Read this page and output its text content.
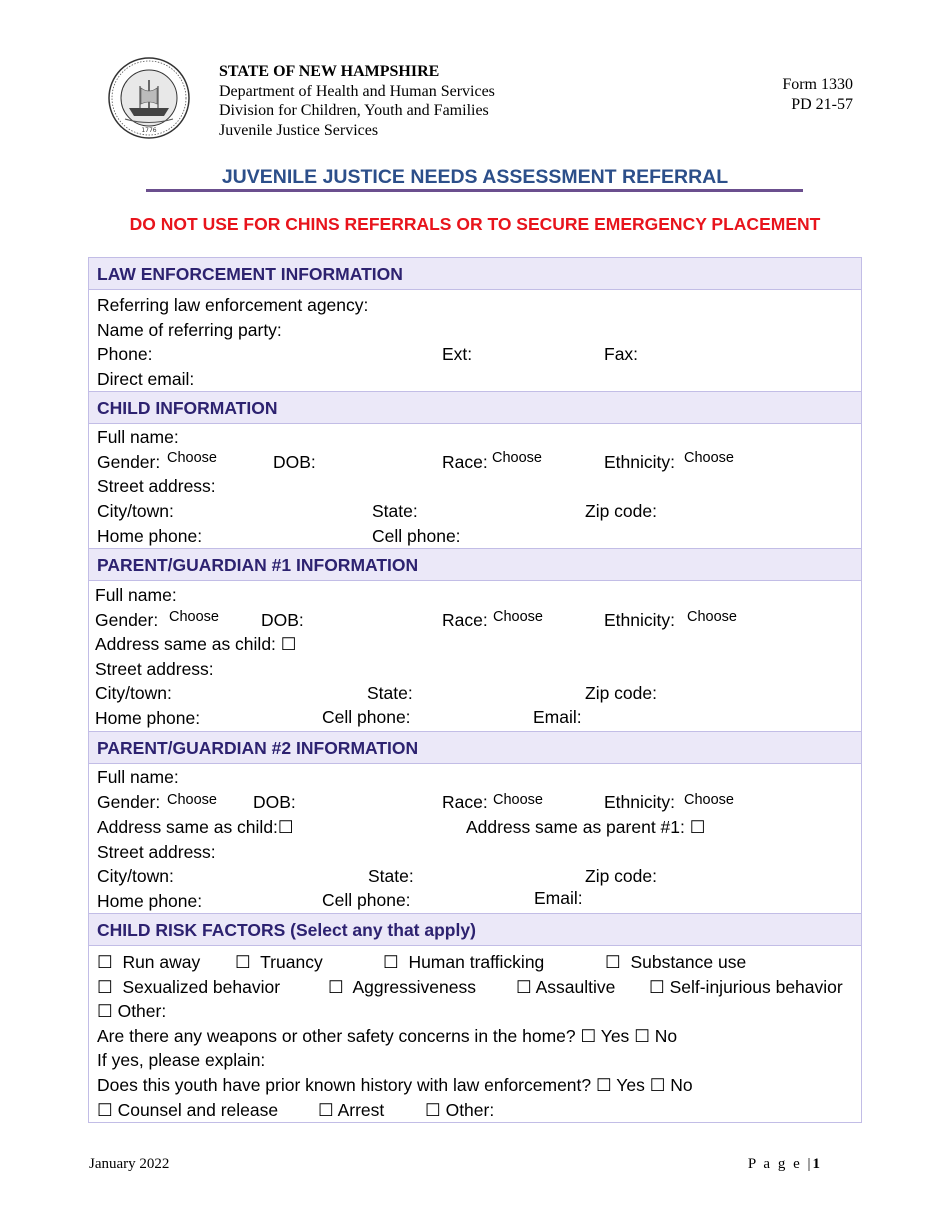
1776
STATE OF NEW HAMPSHIRE
Department of Health and Human Services
Division for Children, Youth and Families
Juvenile Justice Services
Form 1330
PD 21-57
JUVENILE JUSTICE NEEDS ASSESSMENT REFERRAL
DO NOT USE FOR CHINS REFERRALS OR TO SECURE EMERGENCY PLACEMENT
LAW ENFORCEMENT INFORMATION
Referring law enforcement agency:
Name of referring party:
Phone:	Ext:	Fax:
Direct email:
CHILD INFORMATION
Full name:
Gender: Choose	DOB:	Race: Choose	Ethnicity: Choose
Street address:
City/town:	State:	Zip code:
Home phone:	Cell phone:
PARENT/GUARDIAN #1 INFORMATION
Full name:
Gender: Choose DOB:	Race: Choose	Ethnicity: Choose
Address same as child: ☐
Street address:
City/town:	State:	Zip code:
Home phone:	Cell phone:	Email:
PARENT/GUARDIAN #2 INFORMATION
Full name:
Gender: Choose DOB:	Race: Choose	Ethnicity: Choose
Address same as child:☐	Address same as parent #1: ☐
Street address:
City/town:	State:	Zip code:
Home phone:	Cell phone:	Email:
CHILD RISK FACTORS (Select any that apply)
☐ Run away ☐ Truancy	☐ Human trafficking	☐ Substance use
☐ Sexualized behavior	☐ Aggressiveness ☐ Assaultive ☐ Self-injurious behavior
☐ Other:
Are there any weapons or other safety concerns in the home? ☐ Yes ☐ No
If yes, please explain:
Does this youth have prior known history with law enforcement? ☐ Yes ☐ No
☐ Counsel and release ☐ Arrest ☐ Other:
January 2022	P a g e |1
